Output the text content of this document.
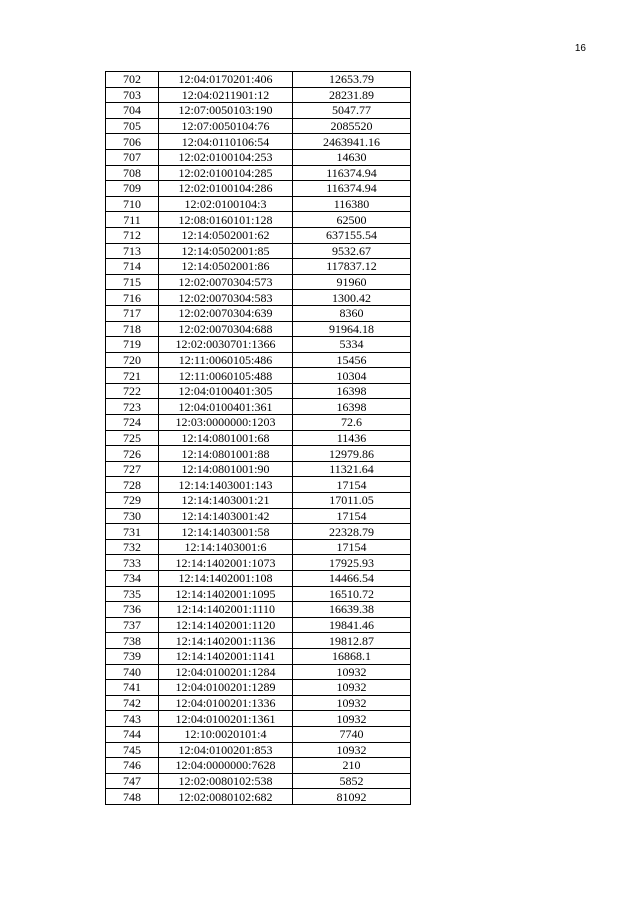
16
702	12:04:0170201:406	12653.79
703	12:04:0211901:12	28231.89
704	12:07:0050103:190	5047.77
705	12:07:0050104:76	2085520
706	12:04:0110106:54	2463941.16
707	12:02:0100104:253	14630
708	12:02:0100104:285	116374.94
709	12:02:0100104:286	116374.94
710	12:02:0100104:3	116380
711	12:08:0160101:128	62500
712	12:14:0502001:62	637155.54
713	12:14:0502001:85	9532.67
714	12:14:0502001:86	117837.12
715	12:02:0070304:573	91960
716	12:02:0070304:583	1300.42
717	12:02:0070304:639	8360
718	12:02:0070304:688	91964.18
719	12:02:0030701:1366	5334
720	12:11:0060105:486	15456
721	12:11:0060105:488	10304
722	12:04:0100401:305	16398
723	12:04:0100401:361	16398
724	12:03:0000000:1203	72.6
725	12:14:0801001:68	11436
726	12:14:0801001:88	12979.86
727	12:14:0801001:90	11321.64
728	12:14:1403001:143	17154
729	12:14:1403001:21	17011.05
730	12:14:1403001:42	17154
731	12:14:1403001:58	22328.79
732	12:14:1403001:6	17154
733	12:14:1402001:1073	17925.93
734	12:14:1402001:108	14466.54
735	12:14:1402001:1095	16510.72
736	12:14:1402001:1110	16639.38
737	12:14:1402001:1120	19841.46
738	12:14:1402001:1136	19812.87
739	12:14:1402001:1141	16868.1
740	12:04:0100201:1284	10932
741	12:04:0100201:1289	10932
742	12:04:0100201:1336	10932
743	12:04:0100201:1361	10932
744	12:10:0020101:4	7740
745	12:04:0100201:853	10932
746	12:04:0000000:7628	210
747	12:02:0080102:538	5852
748	12:02:0080102:682	81092
